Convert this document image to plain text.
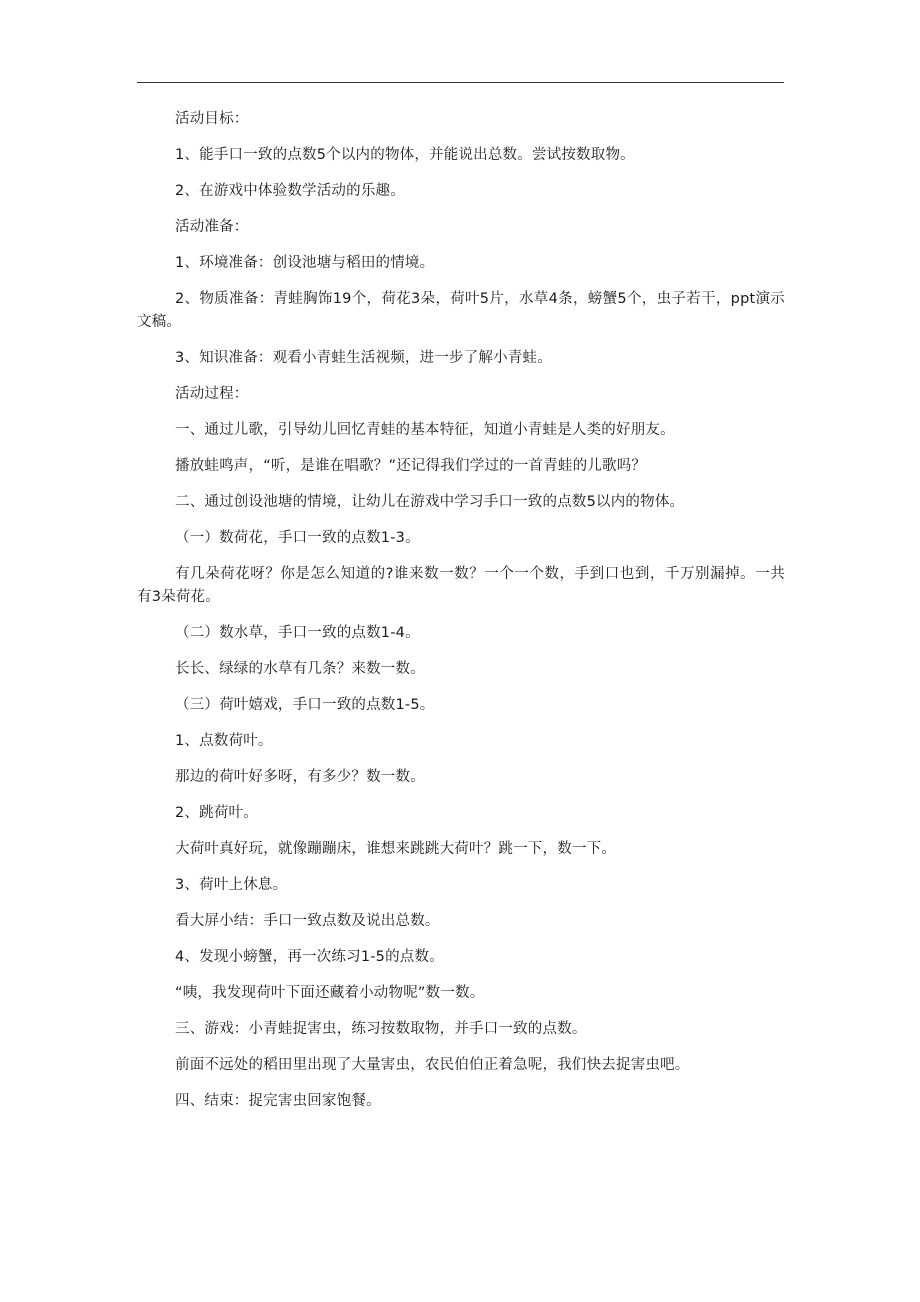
活动目标：

1、能手口一致的点数5个以内的物体，并能说出总数。尝试按数取物。

2、在游戏中体验数学活动的乐趣。

活动准备：

1、环境准备：创设池塘与稻田的情境。

2、物质准备：青蛙胸饰19个，荷花3朵，荷叶5片，水草4条，螃蟹5个，虫子若干，ppt演示文稿。

3、知识准备：观看小青蛙生活视频，进一步了解小青蛙。

活动过程：

一、通过儿歌，引导幼儿回忆青蛙的基本特征，知道小青蛙是人类的好朋友。

播放蛙鸣声，“听，是谁在唱歌？”还记得我们学过的一首青蛙的儿歌吗？

二、通过创设池塘的情境，让幼儿在游戏中学习手口一致的点数5以内的物体。

（一）数荷花，手口一致的点数1-3。

有几朵荷花呀？你是怎么知道的?谁来数一数？一个一个数，手到口也到，千万别漏掉。一共有3朵荷花。

（二）数水草，手口一致的点数1-4。

长长、绿绿的水草有几条？来数一数。

（三）荷叶嬉戏，手口一致的点数1-5。

1、点数荷叶。

那边的荷叶好多呀，有多少？数一数。

2、跳荷叶。

大荷叶真好玩，就像蹦蹦床，谁想来跳跳大荷叶？跳一下，数一下。

3、荷叶上休息。

看大屏小结：手口一致点数及说出总数。

4、发现小螃蟹，再一次练习1-5的点数。

“咦，我发现荷叶下面还藏着小动物呢”数一数。

三、游戏：小青蛙捉害虫，练习按数取物，并手口一致的点数。

前面不远处的稻田里出现了大量害虫，农民伯伯正着急呢，我们快去捉害虫吧。

四、结束：捉完害虫回家饱餐。
